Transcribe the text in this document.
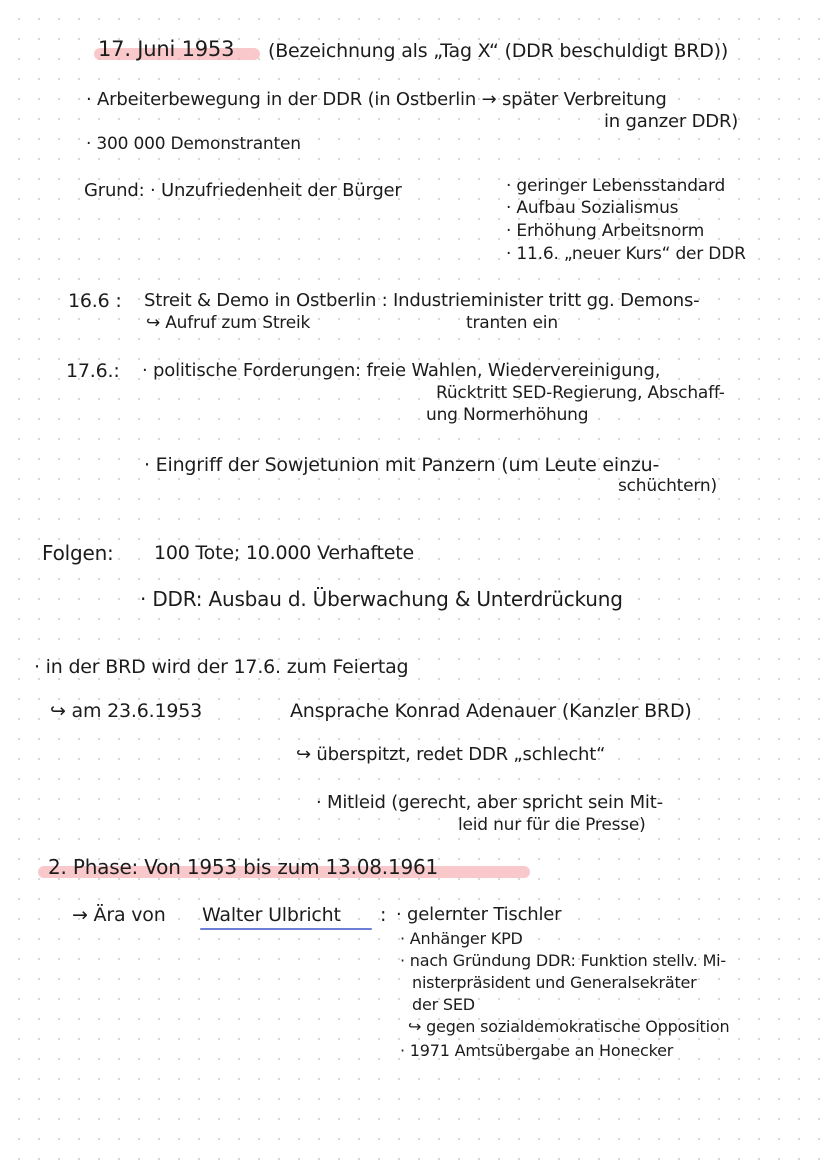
17. Juni 1953 (Bezeichnung als „Tag X“ (DDR beschuldigt BRD))
· Arbeiterbewegung in der DDR (in Ostberlin → später Verbreitung
in ganzer DDR)
· 300 000 Demonstranten
Grund: · Unzufriedenheit der Bürger	· geringer Lebensstandard
· Aufbau Sozialismus
· Erhöhung Arbeitsnorm
· 11.6. „neuer Kurs“ der DDR
16.6 : Streit & Demo in Ostberlin : Industrieminister tritt gg. Demons-
↪ Aufruf zum Streik	tranten ein
17.6.: · politische Forderungen: freie Wahlen, Wiedervereinigung,
Rücktritt SED-Regierung, Abschaff-
ung Normerhöhung
· Eingriff der Sowjetunion mit Panzern (um Leute einzu-
schüchtern)
Folgen: 100 Tote; 10.000 Verhaftete
· DDR: Ausbau d. Überwachung & Unterdrückung
· in der BRD wird der 17.6. zum Feiertag
↪ am 23.6.1953	Ansprache Konrad Adenauer (Kanzler BRD)
↪ überspitzt, redet DDR „schlecht“
· Mitleid (gerecht, aber spricht sein Mit-
leid nur für die Presse)
2. Phase: Von 1953 bis zum 13.08.1961
→ Ära von Walter Ulbricht : · gelernter Tischler
· Anhänger KPD
· nach Gründung DDR: Funktion stellv. Mi-
nisterpräsident und Generalsekräter
der SED
↪ gegen sozialdemokratische Opposition
· 1971 Amtsübergabe an Honecker
